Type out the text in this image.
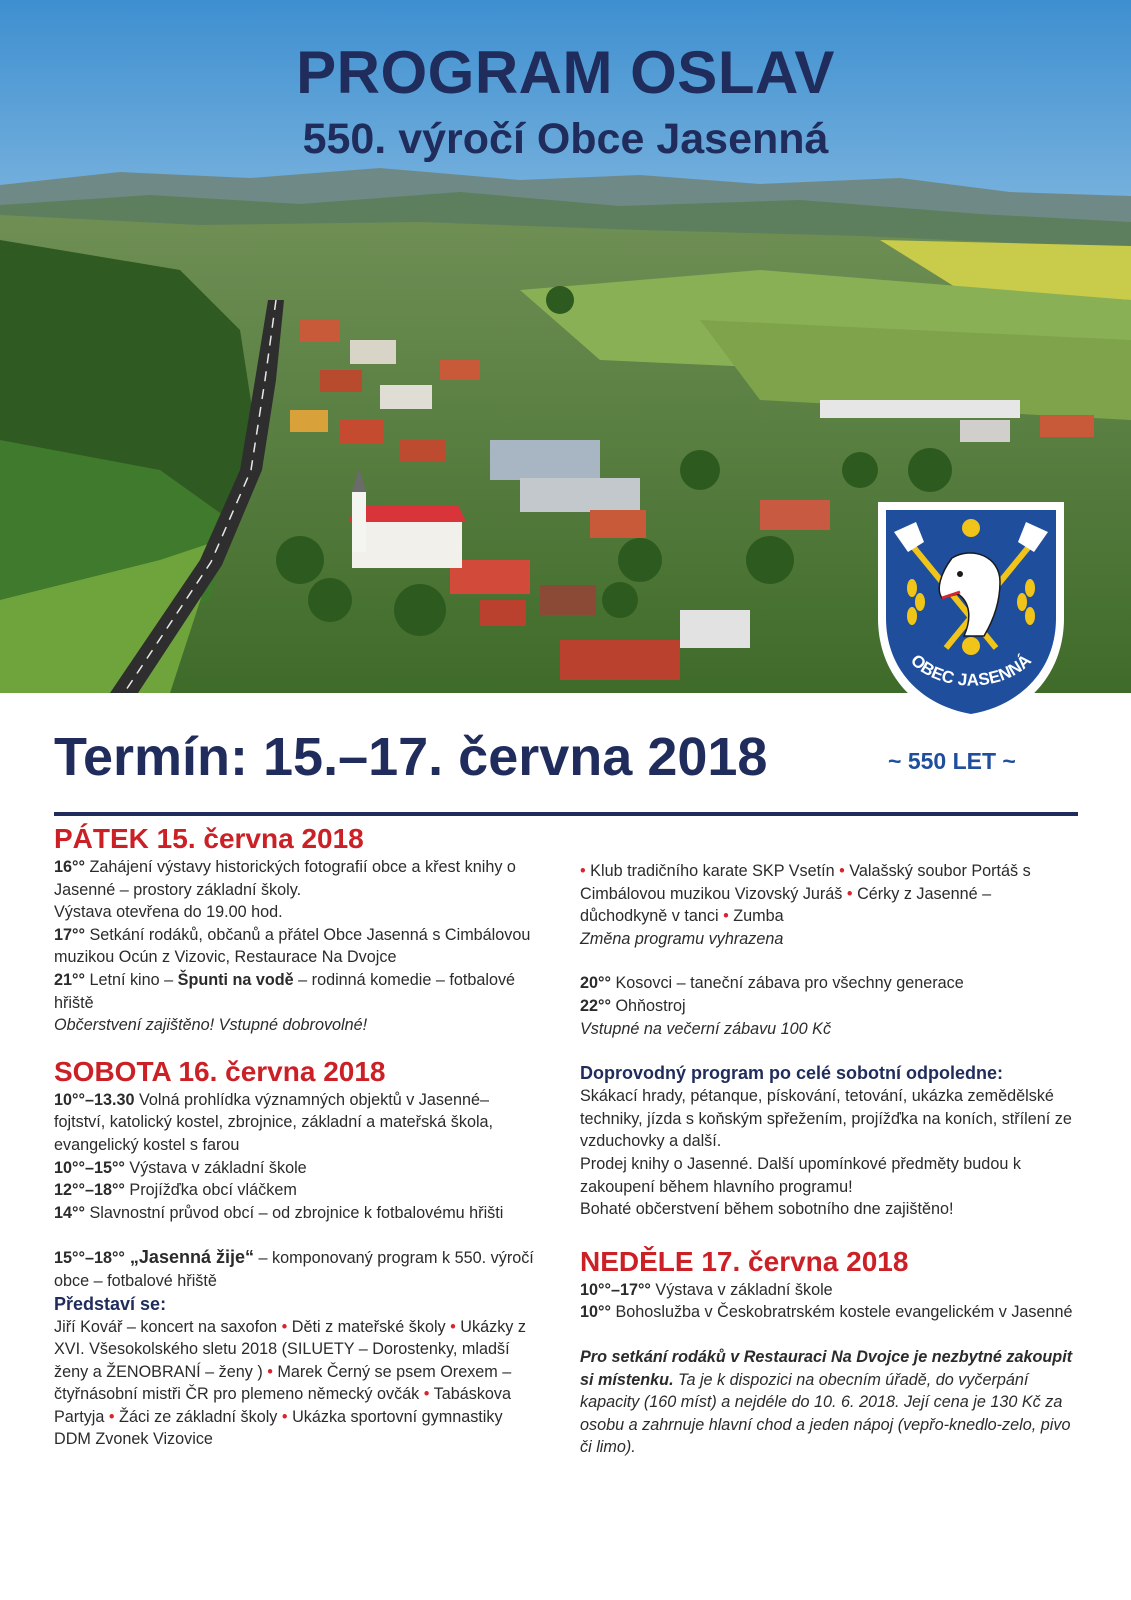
PROGRAM OSLAV
550. výročí Obce Jasenná
OBEC JASENNÁ
Termín: 15.–17. června 2018	~ 550 LET ~

PÁTEK 15. června 2018

16°° Zahájení výstavy historických fotografií obce a křest knihy o Jasenné – prostory základní školy.

Výstava otevřena do 19.00 hod.

17°° Setkání rodáků, občanů a přátel Obce Jasenná s Cimbálovou muzikou Ocún z Vizovic, Restaurace Na Dvojce

21°° Letní kino – Špunti na vodě – rodinná komedie – fotbalové hřiště

Občerstvení zajištěno! Vstupné dobrovolné!

SOBOTA 16. června 2018

10°°–13.30 Volná prohlídka významných objektů v Jasenné– fojtství, katolický kostel, zbrojnice, základní a mateřská škola, evangelický kostel s farou

10°°–15°° Výstava v základní škole

12°°–18°° Projížďka obcí vláčkem

14°° Slavnostní průvod obcí – od zbrojnice k fotbalovému hřišti

15°°–18°° „Jasenná žije“ – komponovaný program k 550. výročí obce – fotbalové hřiště

Představí se:

Jiří Kovář – koncert na saxofon • Děti z mateřské školy • Ukázky z XVI. Všesokolského sletu 2018 (SILUETY – Dorostenky, mladší ženy a ŽENOBRANÍ – ženy ) • Marek Černý se psem Orexem – čtyřnásobní mistři ČR pro plemeno německý ovčák • Tabáskova Partyja • Žáci ze základní školy • Ukázka sportovní gymnastiky DDM Zvonek Vizovice

• Klub tradičního karate SKP Vsetín • Valašský soubor Portáš s Cimbálovou muzikou Vizovský Juráš • Cérky z Jasenné – důchodkyně v tanci • Zumba

Změna programu vyhrazena

20°° Kosovci – taneční zábava pro všechny generace

22°° Ohňostroj

Vstupné na večerní zábavu 100 Kč

Doprovodný program po celé sobotní odpoledne:

Skákací hrady, pétanque, pískování, tetování, ukázka zemědělské techniky, jízda s koňským spřežením, projížďka na koních, střílení ze vzduchovky a další.

Prodej knihy o Jasenné. Další upomínkové předměty budou k zakoupení během hlavního programu!

Bohaté občerstvení během sobotního dne zajištěno!

NEDĚLE 17. června 2018

10°°–17°° Výstava v základní škole

10°° Bohoslužba v Českobratrském kostele evangelickém v Jasenné

Pro setkání rodáků v Restauraci Na Dvojce je nezbytné zakoupit si místenku. Ta je k dispozici na obecním úřadě, do vyčerpání kapacity (160 míst) a nejdéle do 10. 6. 2018. Její cena je 130 Kč za osobu a zahrnuje hlavní chod a jeden nápoj (vepřo-knedlo-zelo, pivo či limo).
